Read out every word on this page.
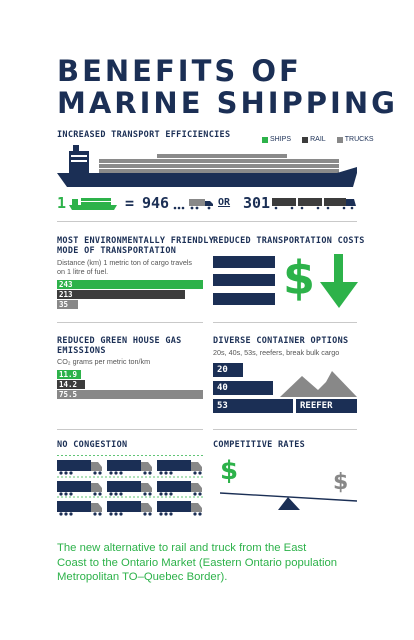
BENEFITS OF
MARINE SHIPPING
INCREASED TRANSPORT EFFICIENCIES	SHIPS	RAIL	TRUCKS
1	= 946	OR 301
MOST ENVIRONMENTALLY FRIENDLY
MODE OF TRANSPORTATION
Distance (km) 1 metric ton of cargo travels
on 1 litre of fuel.
243
213
35
REDUCED TRANSPORTATION COSTS
$
REDUCED GREEN HOUSE GAS
EMISSIONS
CO₂ grams per metric ton/km
11.9
14.2
75.5
DIVERSE CONTAINER OPTIONS
20s, 40s, 53s, reefers, break bulk cargo
20
40
53	REEFER
NO CONGESTION	COMPETITIVE RATES
$	$
The new alternative to rail and truck from the East
Coast to the Ontario Market (Eastern Ontario population
Metropolitan TO–Quebec Border).
